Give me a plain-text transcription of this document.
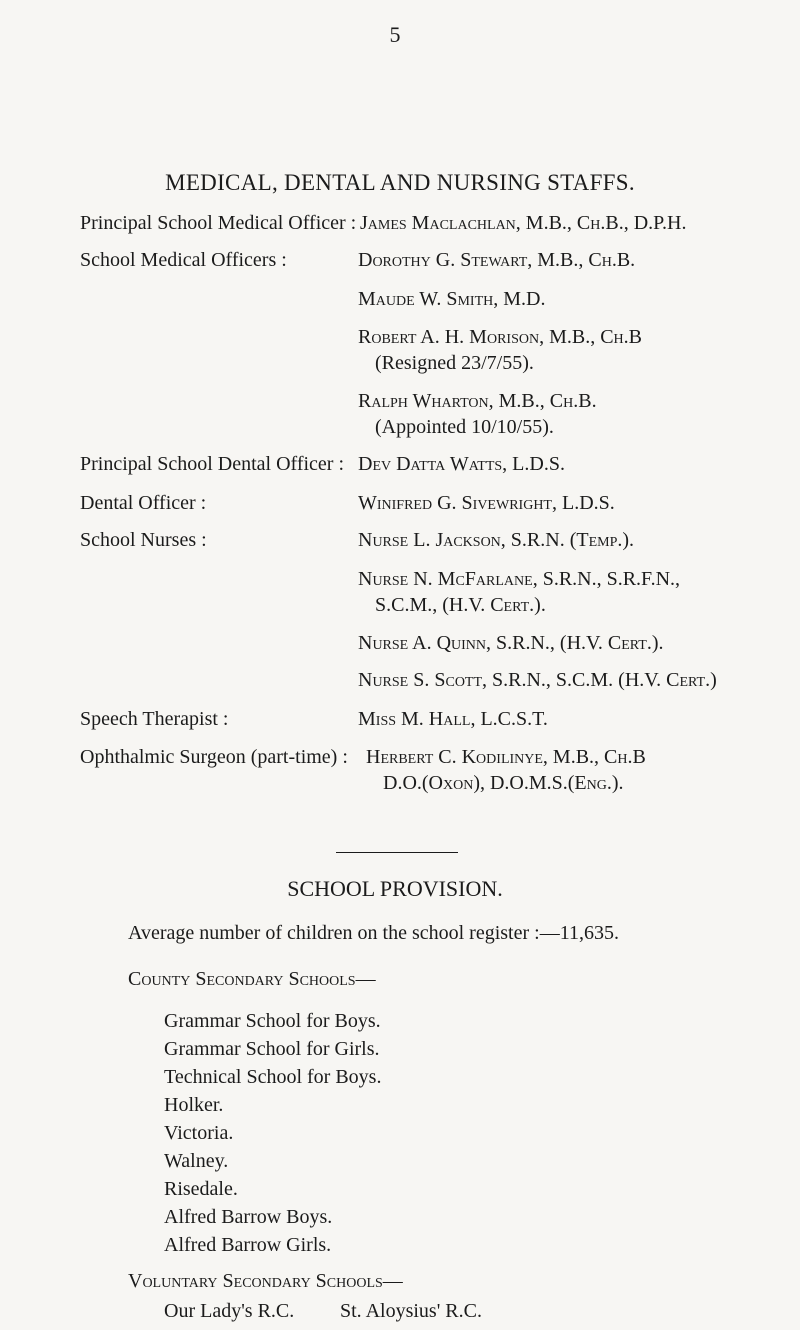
5
MEDICAL, DENTAL AND NURSING STAFFS.
Principal School Medical Officer : James Maclachlan, M.B., Ch.B., D.P.H.
School Medical Officers :	Dorothy G. Stewart, M.B., Ch.B.
Maude W. Smith, M.D.
Robert A. H. Morison, M.B., Ch.B
(Resigned 23/7/55).
Ralph Wharton, M.B., Ch.B.
(Appointed 10/10/55).
Principal School Dental Officer : Dev Datta Watts, L.D.S.
Dental Officer :	Winifred G. Sivewright, L.D.S.
School Nurses :	Nurse L. Jackson, S.R.N. (Temp.).
Nurse N. McFarlane, S.R.N., S.R.F.N.,
S.C.M., (H.V. Cert.).
Nurse A. Quinn, S.R.N., (H.V. Cert.).
Nurse S. Scott, S.R.N., S.C.M. (H.V. Cert.)
Speech Therapist :	Miss M. Hall, L.C.S.T.
Ophthalmic Surgeon (part-time) : Herbert C. Kodilinye, M.B., Ch.B
D.O.(Oxon), D.O.M.S.(Eng.).
SCHOOL PROVISION.
Average number of children on the school register :—11,635.
County Secondary Schools—
Grammar School for Boys.
Grammar School for Girls.
Technical School for Boys.
Holker.
Victoria.
Walney.
Risedale.
Alfred Barrow Boys.
Alfred Barrow Girls.
Voluntary Secondary Schools—
Our Lady's R.C. St. Aloysius' R.C.
